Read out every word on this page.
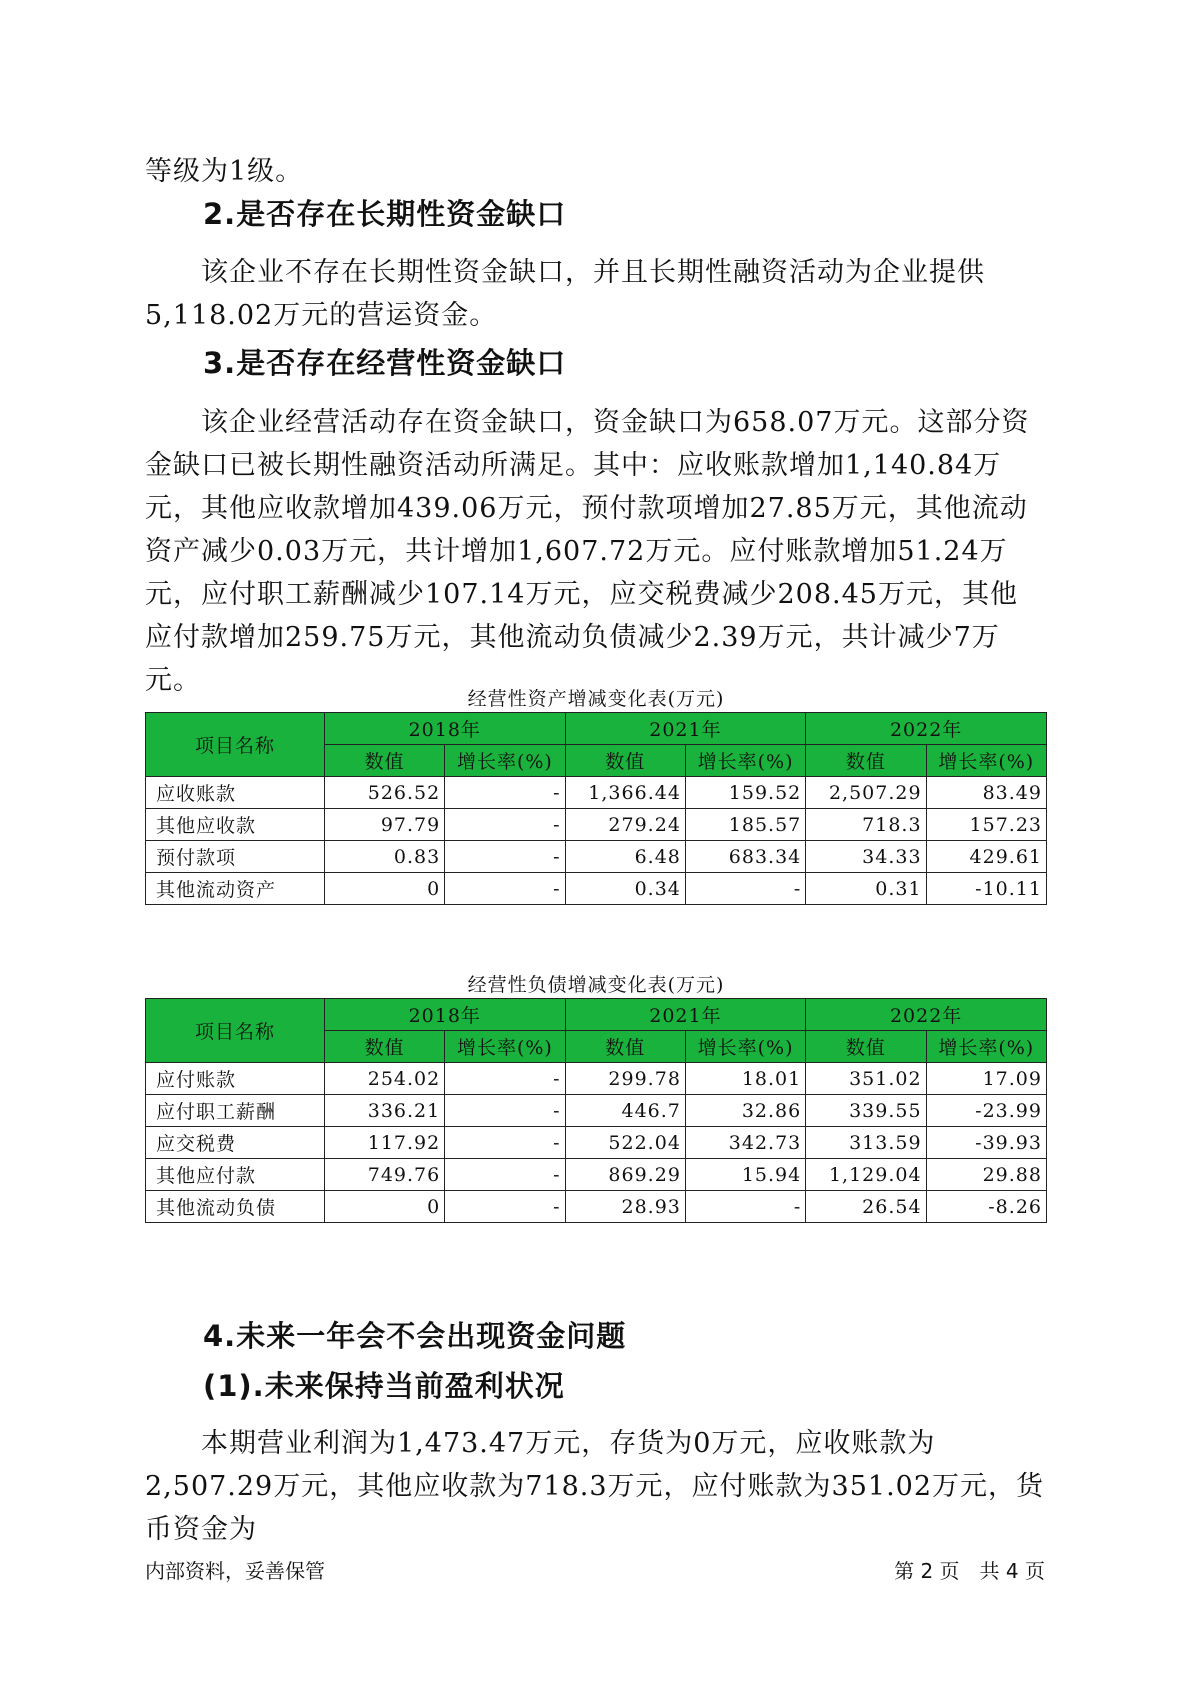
等级为1级。

2.是否存在长期性资金缺口

该企业不存在长期性资金缺口，并且长期性融资活动为企业提供5,118.02万元的营运资金。

3.是否存在经营性资金缺口

该企业经营活动存在资金缺口，资金缺口为658.07万元。这部分资金缺口已被长期性融资活动所满足。其中：应收账款增加1,140.84万元，其他应收款增加439.06万元，预付款项增加27.85万元，其他流动资产减少0.03万元，共计增加1,607.72万元。应付账款增加51.24万元，应付职工薪酬减少107.14万元，应交税费减少208.45万元，其他应付款增加259.75万元，其他流动负债减少2.39万元，共计减少7万元。

经营性资产增减变化表(万元)
项目名称	2018年		2021年		2022年	
	数值	增长率(%)	数值	增长率(%)	数值	增长率(%)
应收账款	526.52	-	1,366.44	159.52	2,507.29	83.49
其他应收款	97.79	-	279.24	185.57	718.3	157.23
预付款项	0.83	-	6.48	683.34	34.33	429.61
其他流动资产	0	-	0.34	-	0.31	-10.11
经营性负债增减变化表(万元)
项目名称	2018年		2021年		2022年	
	数值	增长率(%)	数值	增长率(%)	数值	增长率(%)
应付账款	254.02	-	299.78	18.01	351.02	17.09
应付职工薪酬	336.21	-	446.7	32.86	339.55	-23.99
应交税费	117.92	-	522.04	342.73	313.59	-39.93
其他应付款	749.76	-	869.29	15.94	1,129.04	29.88
其他流动负债	0	-	28.93	-	26.54	-8.26
4.未来一年会不会出现资金问题
(1).未来保持当前盈利状况

本期营业利润为1,473.47万元，存货为0万元，应收账款为2,507.29万元，其他应收款为718.3万元，应付账款为351.02万元，货币资金为

内部资料，妥善保管	第 2 页　共 4 页
